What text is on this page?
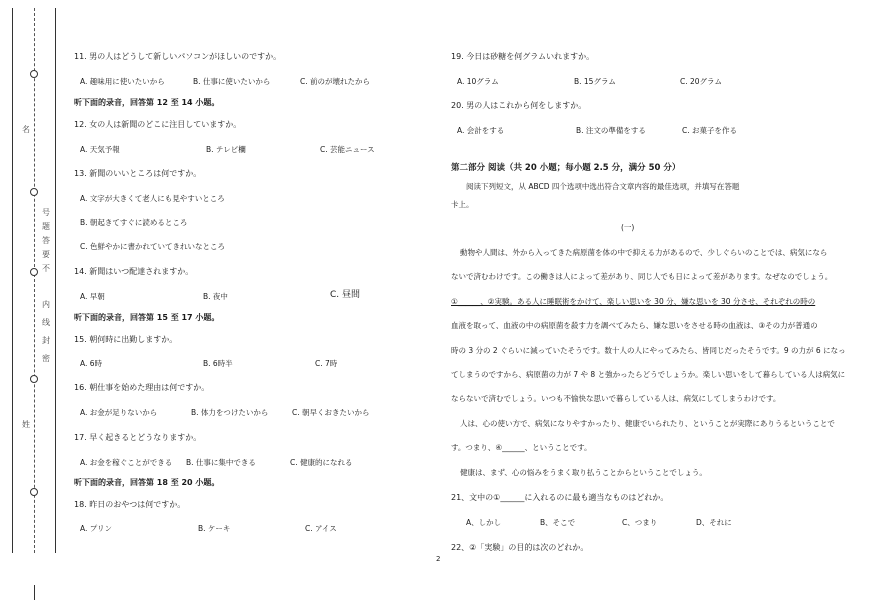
号
题
答
要
不
内
线
封
密
名
姓
11. 男の人はどうして新しいパソコンがほしいのですか。
A. 趣味用に使いたいから	B. 仕事に使いたいから	C. 前のが壊れたから
听下面的录音，回答第 12 至 14 小题。
12. 女の人は新聞のどこに注目していますか。
A. 天気予報	B. テレビ欄	C. 芸能ニュース
13. 新聞のいいところは何ですか。
A. 文字が大きくて老人にも見やすいところ
B. 朝起きてすぐに読めるところ
C. 色鮮やかに書かれていてきれいなところ
14. 新聞はいつ配達されますか。
A. 早朝	B. 夜中	C. 昼間
听下面的录音，回答第 15 至 17 小题。
15. 朝何時に出勤しますか。
A. 6時	B. 6時半	C. 7時
16. 朝仕事を始めた理由は何ですか。
A. お金が足りないから	B. 体力をつけたいから	C. 朝早くおきたいから
17. 早く起きるとどうなりますか。
A. お金を稼ぐことができる B. 仕事に集中できる	C. 健康的になれる
听下面的录音，回答第 18 至 20 小题。
18. 昨日のおやつは何ですか。
A. プリン	B. ケーキ	C. アイス
19. 今日は砂糖を何グラムいれますか。
A. 10グラム	B. 15グラム	C. 20グラム
20. 男の人はこれから何をしますか。
A. 会計をする	B. 注文の準備をする	C. お菓子を作る
第二部分 阅读（共 20 小题；每小题 2.5 分，满分 50 分）
阅读下列短文，从 ABCD 四个选项中选出符合文章内容的最佳选项，并填写在答题
卡上。
(一)
動物や人間は、外から入ってきた病原菌を体の中で抑える力があるので、少しぐらいのことでは、病気になら
ないで済むわけです。この働きは人によって差があり、同じ人でも日によって差があります。なぜなのでしょう。
①______、②実験。ある人に睡眠術をかけて、楽しい思いを 30 分、嫌な思いを 30 分させ、それぞれの時の
血液を取って、血液の中の病原菌を殺す力を調べてみたら、嫌な思いをさせる時の血液は、③その力が普通の
時の 3 分の 2 ぐらいに減っていたそうです。数十人の人にやってみたら、皆同じだったそうです。9 の力が 6 になっ
てしまうのですから、病原菌の力が 7 や 8 と強かったらどうでしょうか。楽しい思いをして暮らしている人は病気に
ならないで済むでしょう。いつも不愉快な思いで暮らしている人は、病気にしてしまうわけです。
人は、心の使い方で、病気になりやすかったり、健康でいられたり、ということが実際にありうるということで
す。つまり、④______、ということです。
健康は、まず、心の悩みをうまく取り払うことからということでしょう。
21、文中の①______に入れるのに最も適当なものはどれか。
A、しかし	B、そこで	C、つまり	D、それに
22、②「実験」の目的は次のどれか。
2
